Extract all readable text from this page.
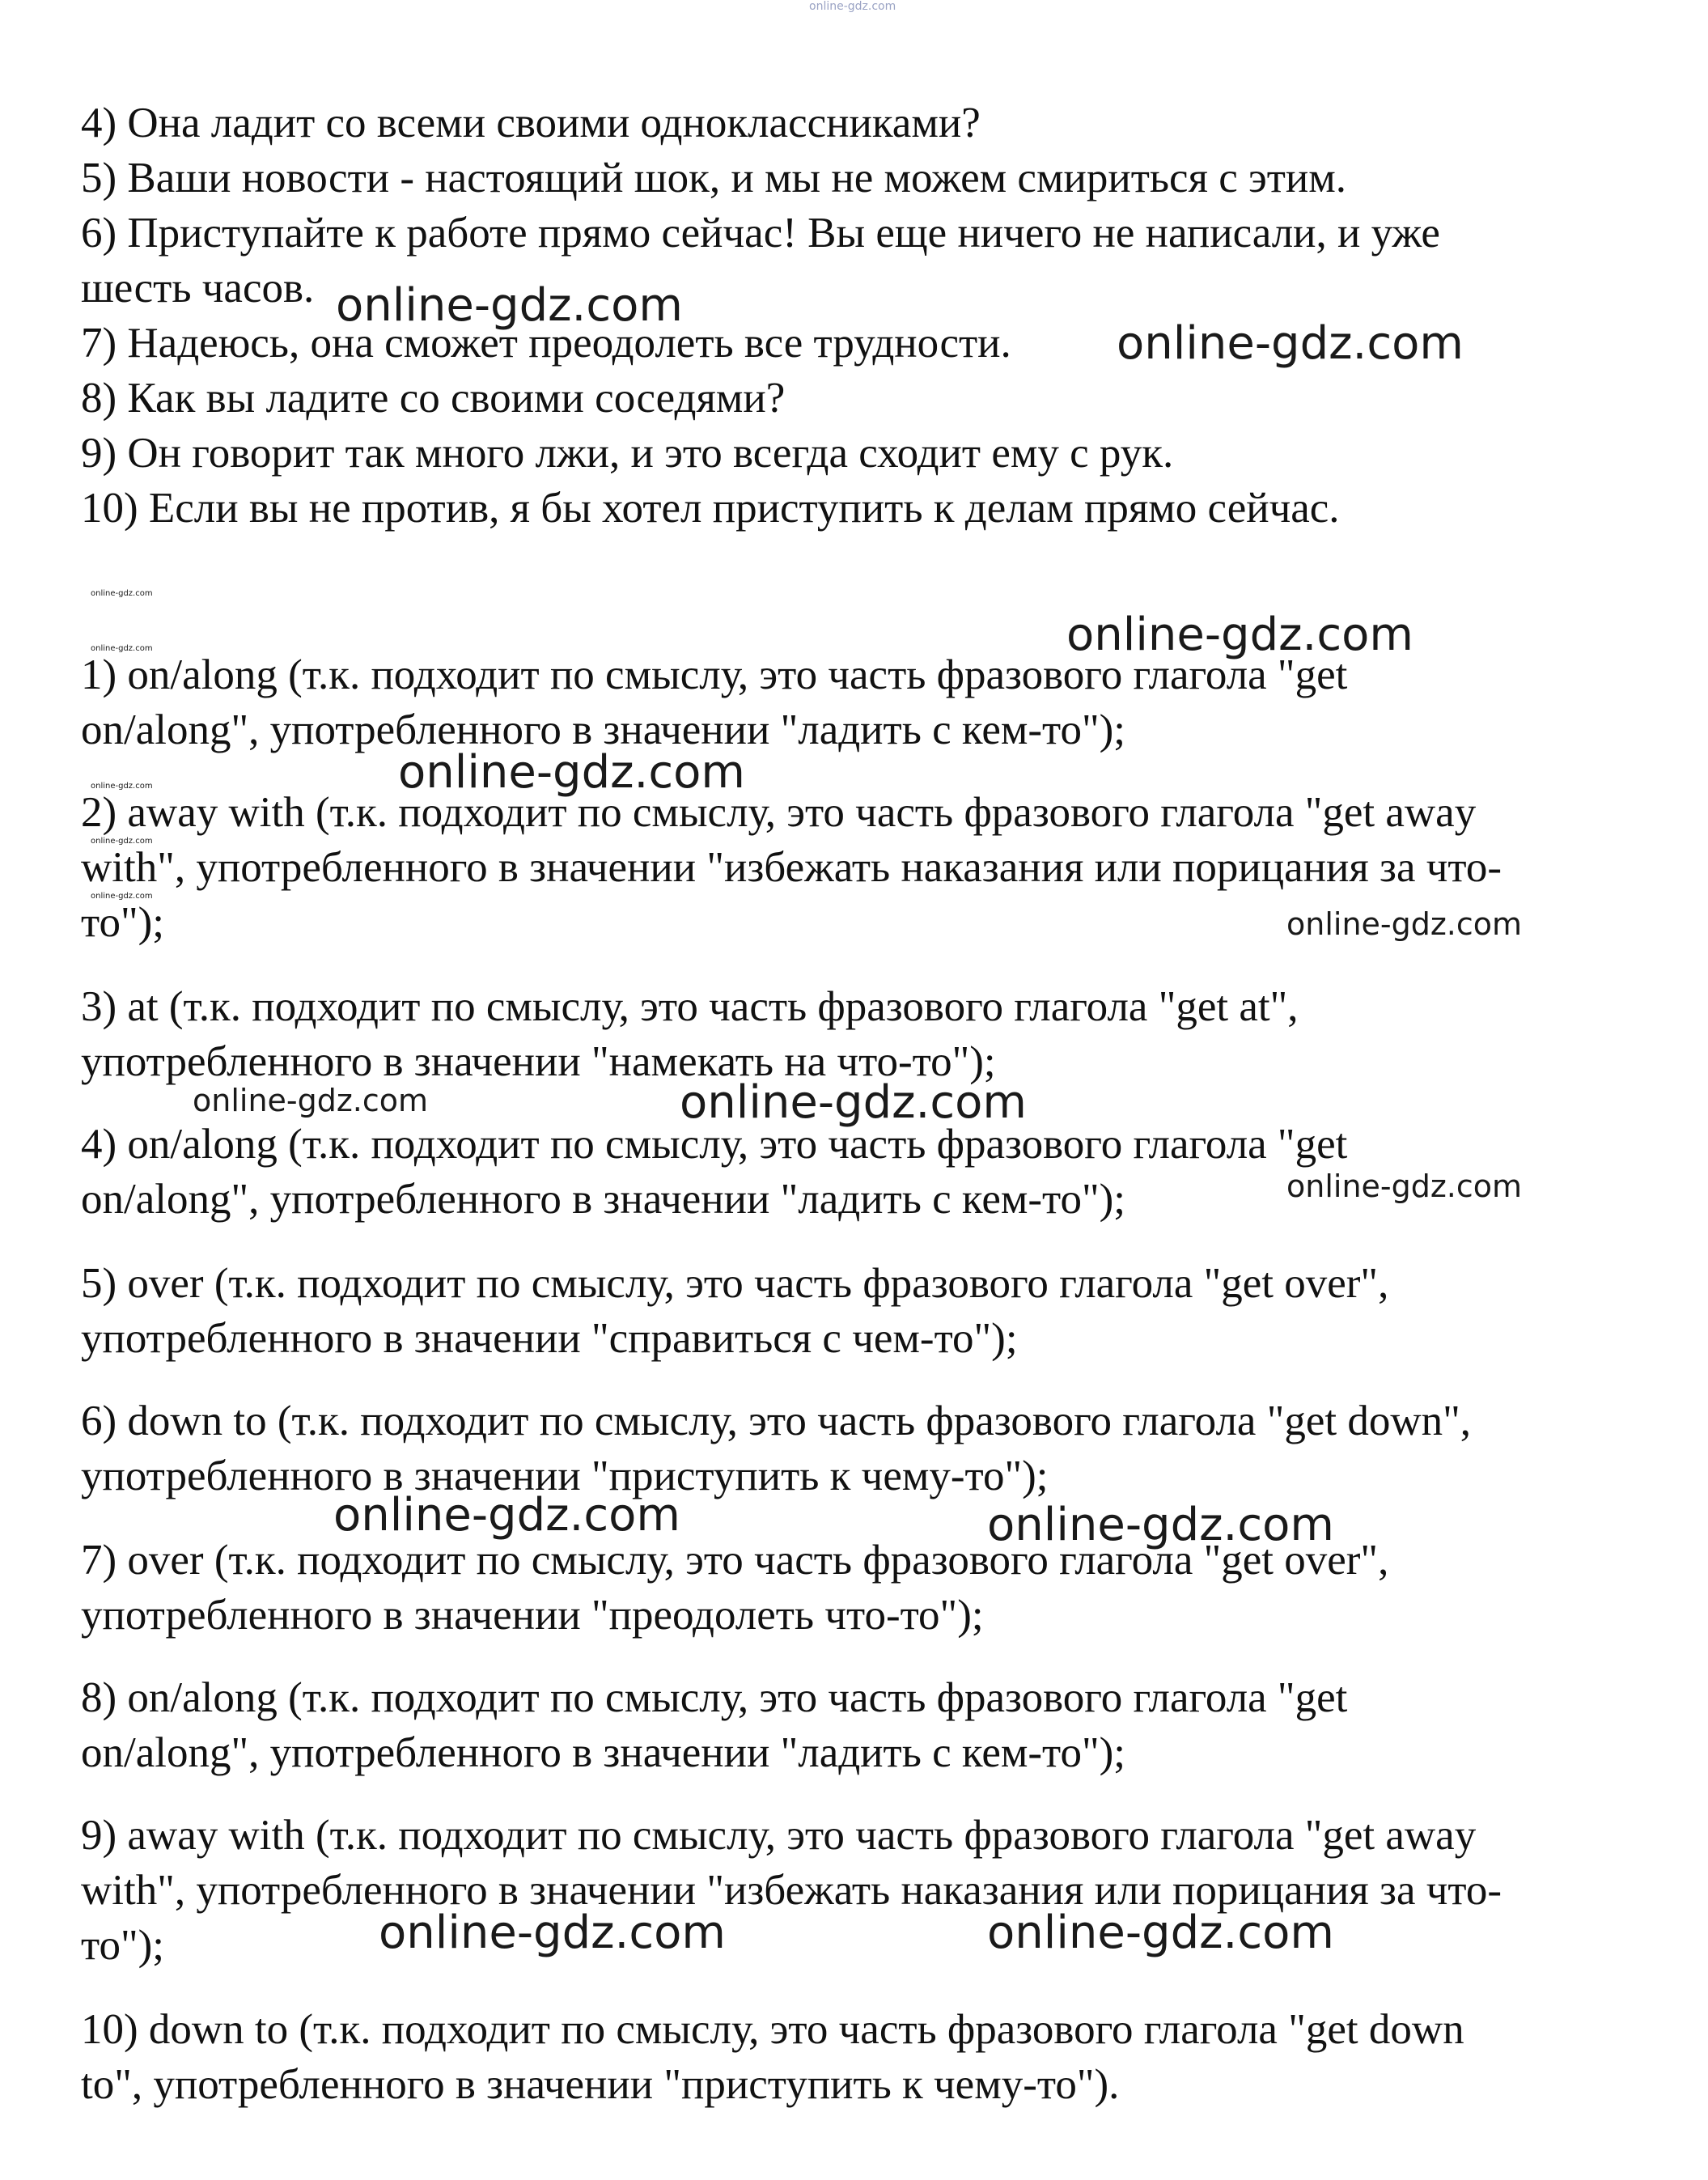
online-gdz.com
4) Она ладит со всеми своими одноклассниками?
5) Ваши новости - настоящий шок, и мы не можем смириться с этим.
6) Приступайте к работе прямо сейчас! Вы еще ничего не написали, и уже
шесть часов.
7) Надеюсь, она сможет преодолеть все трудности.
8) Как вы ладите со своими соседями?
9) Он говорит так много лжи, и это всегда сходит ему с рук.
10) Если вы не против, я бы хотел приступить к делам прямо сейчас.
1) on/along (т.к. подходит по смыслу, это часть фразового глагола "get
on/along", употребленного в значении "ладить с кем-то");
2) away with (т.к. подходит по смыслу, это часть фразового глагола "get away
with", употребленного в значении "избежать наказания или порицания за что-
то");
3) at (т.к. подходит по смыслу, это часть фразового глагола "get at",
употребленного в значении "намекать на что-то");
4) on/along (т.к. подходит по смыслу, это часть фразового глагола "get
on/along", употребленного в значении "ладить с кем-то");
5) over (т.к. подходит по смыслу, это часть фразового глагола "get over",
употребленного в значении "справиться с чем-то");
6) down to (т.к. подходит по смыслу, это часть фразового глагола "get down",
употребленного в значении "приступить к чему-то");
7) over (т.к. подходит по смыслу, это часть фразового глагола "get over",
употребленного в значении "преодолеть что-то");
8) on/along (т.к. подходит по смыслу, это часть фразового глагола "get
on/along", употребленного в значении "ладить с кем-то");
9) away with (т.к. подходит по смыслу, это часть фразового глагола "get away
with", употребленного в значении "избежать наказания или порицания за что-
то");
10) down to (т.к. подходит по смыслу, это часть фразового глагола "get down
to", употребленного в значении "приступить к чему-то").
online-gdz.com
online-gdz.com
online-gdz.com
online-gdz.com	online-gdz.com
online-gdz.com
online-gdz.com
online-gdz.com
online-gdz.com
online-gdz.com
online-gdz.com	online-gdz.com
online-gdz.com
online-gdz.com	online-gdz.com
online-gdz.com	online-gdz.com
